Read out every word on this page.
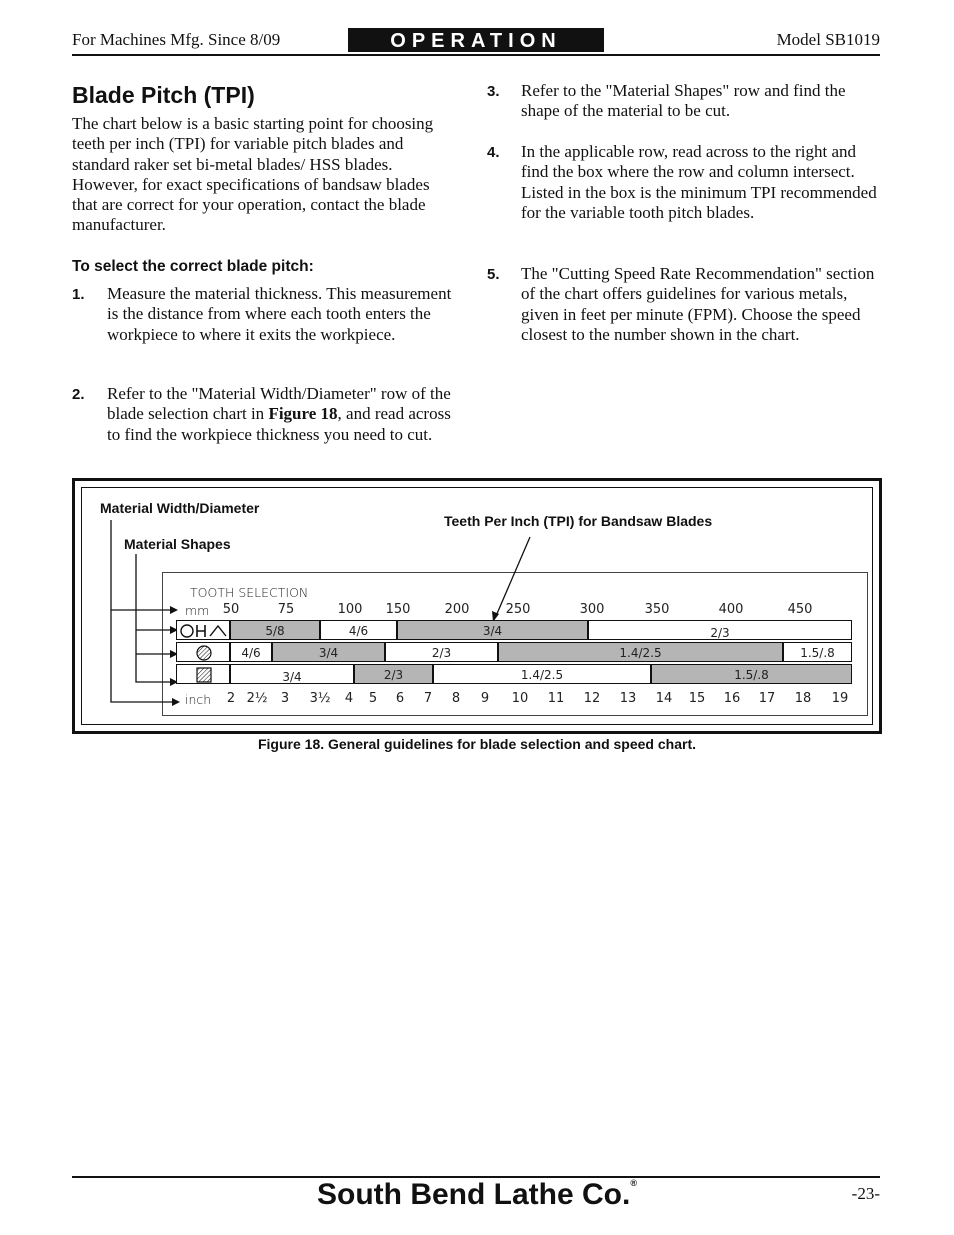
For Machines Mfg. Since 8/09	OPERATION	Model SB1019
Blade Pitch (TPI)
The chart below is a basic starting point for choosing teeth per inch (TPI) for variable pitch blades and standard raker set bi-metal blades/ HSS blades. However, for exact specifications of bandsaw blades that are correct for your operation, contact the blade manufacturer.
To select the correct blade pitch:
1. Measure the material thickness. This measurement is the distance from where each tooth enters the workpiece to where it exits the workpiece.
2. Refer to the "Material Width/Diameter" row of the blade selection chart in Figure 18, and read across to find the workpiece thickness you need to cut.
3. Refer to the "Material Shapes" row and find the shape of the material to be cut.
4. In the applicable row, read across to the right and find the box where the row and column intersect. Listed in the box is the minimum TPI recommended for the variable tooth pitch blades.
5. The "Cutting Speed Rate Recommendation" section of the chart offers guidelines for various metals, given in feet per minute (FPM). Choose the speed closest to the number shown in the chart.
Material Width/Diameter
Material Shapes
Teeth Per Inch (TPI) for Bandsaw Blades
TOOTH SELECTION
mm
inch
50	75	100 150	200	250	300	350	400	450
5/8	4/6	3/4	2/3
4/6	3/4	2/3	1.4/2.5	1.5/.8
3/4	2/3	1.4/2.5	1.5/.8
2 2½ 3 3½ 4 5 6 7 8 9 10 11 12 13 14 15 16 17 18 19
Figure 18. General guidelines for blade selection and speed chart.
South Bend Lathe Co.®
-23-
